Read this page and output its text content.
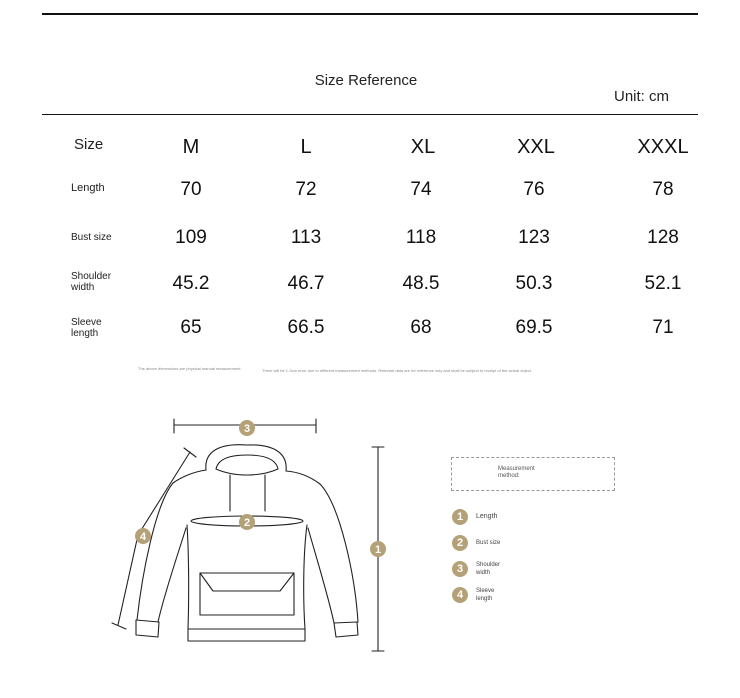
Size Reference
Unit: cm
Size	M	L	XL	XXL	XXXL
Length	70	72	74	76	78
Bust size	109	113	118	123	128
Shoulder width	45.2	46.7	48.5	50.3	52.1
Sleeve length	65	66.5	68	69.5	71
The above dimensions are physical manual measurement.	There will be 1-3cm error due to different measurement methods. Relevant data are for reference only and shall be subject to receipt of the actual object.
3
2
1
4
Measurement method:
1	Length
2	Bust size
3	Shoulder width
4	Sleeve length
